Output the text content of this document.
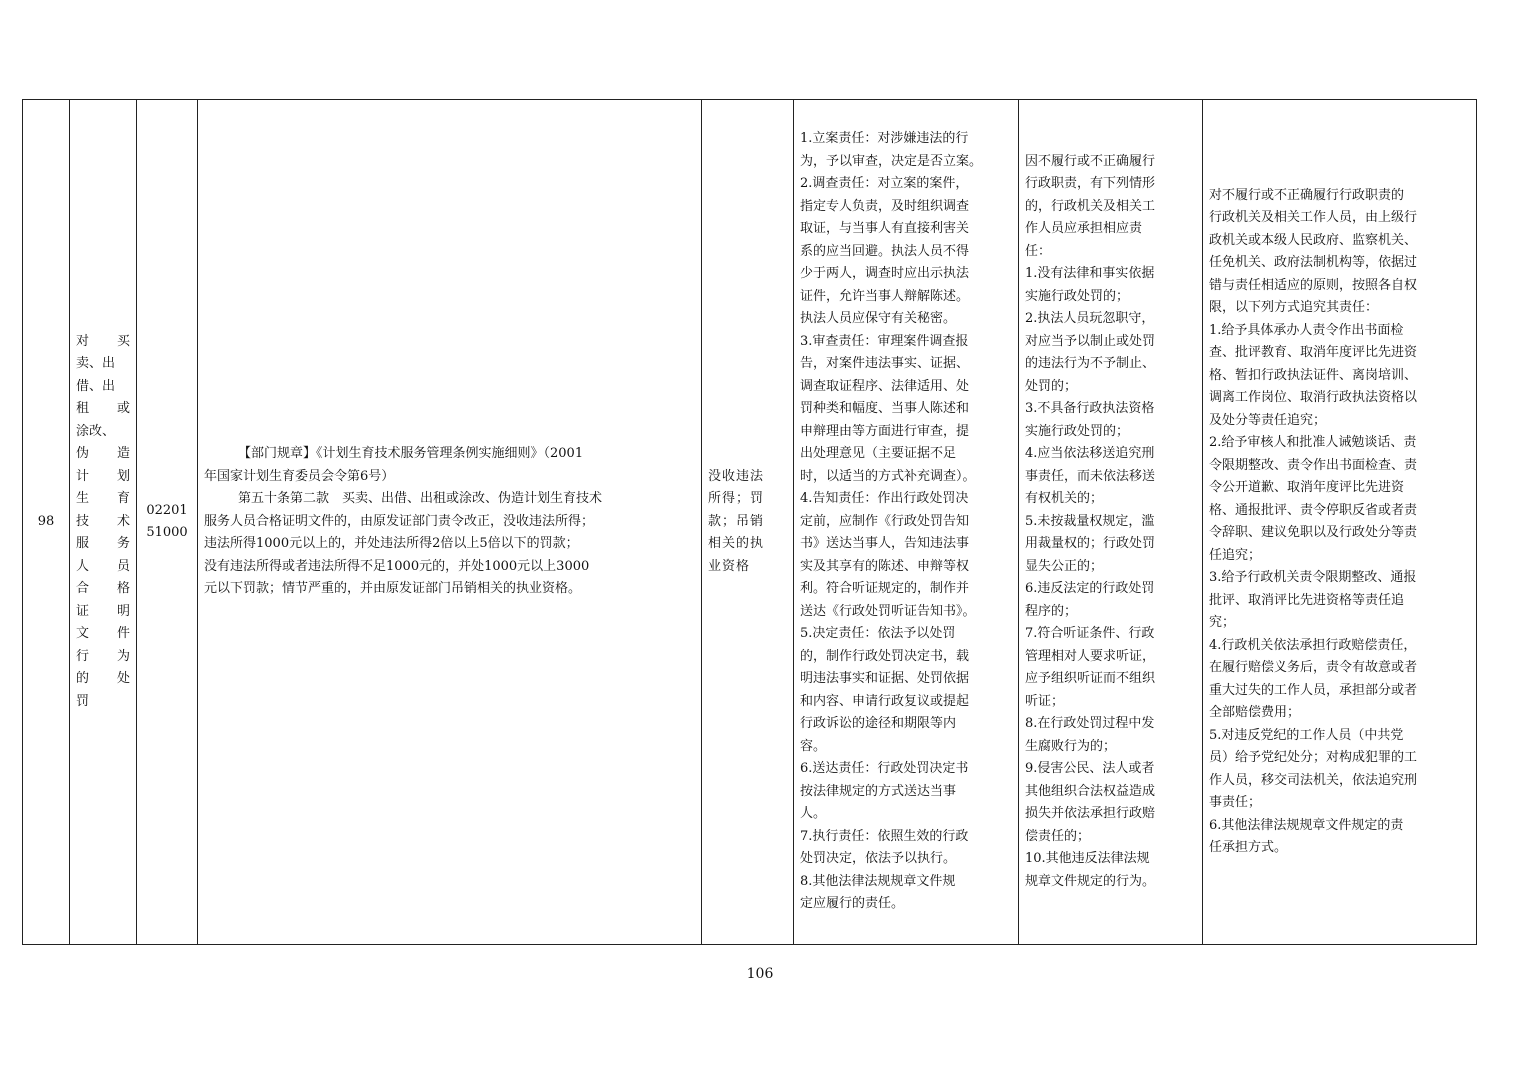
98	
对 买
卖、出
借、出
租 或
涂改、
伪 造
计 划
生 育
技 术
服 务
人 员
合 格
证 明
文 件
行 为
的 处
罚

02201
51000

【部门规章】《计划生育技术服务管理条例实施细则》（2001
年国家计划生育委员会令第6号）
第五十条第二款　买卖、出借、出租或涂改、伪造计划生育技术
服务人员合格证明文件的，由原发证部门责令改正，没收违法所得；
违法所得1000元以上的，并处违法所得2倍以上5倍以下的罚款；
没有违法所得或者违法所得不足1000元的，并处1000元以上3000
元以下罚款；情节严重的，并由原发证部门吊销相关的执业资格。

没收违法
所得；罚
款；吊销
相关的执
业资格

1.立案责任：对涉嫌违法的行
为，予以审查，决定是否立案。
2.调查责任：对立案的案件，
指定专人负责，及时组织调查
取证，与当事人有直接利害关
系的应当回避。执法人员不得
少于两人，调查时应出示执法
证件，允许当事人辩解陈述。
执法人员应保守有关秘密。
3.审查责任：审理案件调查报
告，对案件违法事实、证据、
调查取证程序、法律适用、处
罚种类和幅度、当事人陈述和
申辩理由等方面进行审查，提
出处理意见（主要证据不足
时，以适当的方式补充调查）。
4.告知责任：作出行政处罚决
定前，应制作《行政处罚告知
书》送达当事人，告知违法事
实及其享有的陈述、申辩等权
利。符合听证规定的，制作并
送达《行政处罚听证告知书》。
5.决定责任：依法予以处罚
的，制作行政处罚决定书，载
明违法事实和证据、处罚依据
和内容、申请行政复议或提起
行政诉讼的途径和期限等内
容。
6.送达责任：行政处罚决定书
按法律规定的方式送达当事
人。
7.执行责任：依照生效的行政
处罚决定，依法予以执行。
8.其他法律法规规章文件规
定应履行的责任。

因不履行或不正确履行
行政职责，有下列情形
的，行政机关及相关工
作人员应承担相应责
任：
1.没有法律和事实依据
实施行政处罚的；
2.执法人员玩忽职守，
对应当予以制止或处罚
的违法行为不予制止、
处罚的；
3.不具备行政执法资格
实施行政处罚的；
4.应当依法移送追究刑
事责任，而未依法移送
有权机关的；
5.未按裁量权规定，滥
用裁量权的；行政处罚
显失公正的；
6.违反法定的行政处罚
程序的；
7.符合听证条件、行政
管理相对人要求听证，
应予组织听证而不组织
听证；
8.在行政处罚过程中发
生腐败行为的；
9.侵害公民、法人或者
其他组织合法权益造成
损失并依法承担行政赔
偿责任的；
10.其他违反法律法规
规章文件规定的行为。

对不履行或不正确履行行政职责的
行政机关及相关工作人员，由上级行
政机关或本级人民政府、监察机关、
任免机关、政府法制机构等，依据过
错与责任相适应的原则，按照各自权
限，以下列方式追究其责任：
1.给予具体承办人责令作出书面检
查、批评教育、取消年度评比先进资
格、暂扣行政执法证件、离岗培训、
调离工作岗位、取消行政执法资格以
及处分等责任追究；
2.给予审核人和批准人诫勉谈话、责
令限期整改、责令作出书面检查、责
令公开道歉、取消年度评比先进资
格、通报批评、责令停职反省或者责
令辞职、建议免职以及行政处分等责
任追究；
3.给予行政机关责令限期整改、通报
批评、取消评比先进资格等责任追
究；
4.行政机关依法承担行政赔偿责任，
在履行赔偿义务后，责令有故意或者
重大过失的工作人员，承担部分或者
全部赔偿费用；
5.对违反党纪的工作人员（中共党
员）给予党纪处分；对构成犯罪的工
作人员，移交司法机关，依法追究刑
事责任；
6.其他法律法规规章文件规定的责
任承担方式。
106
